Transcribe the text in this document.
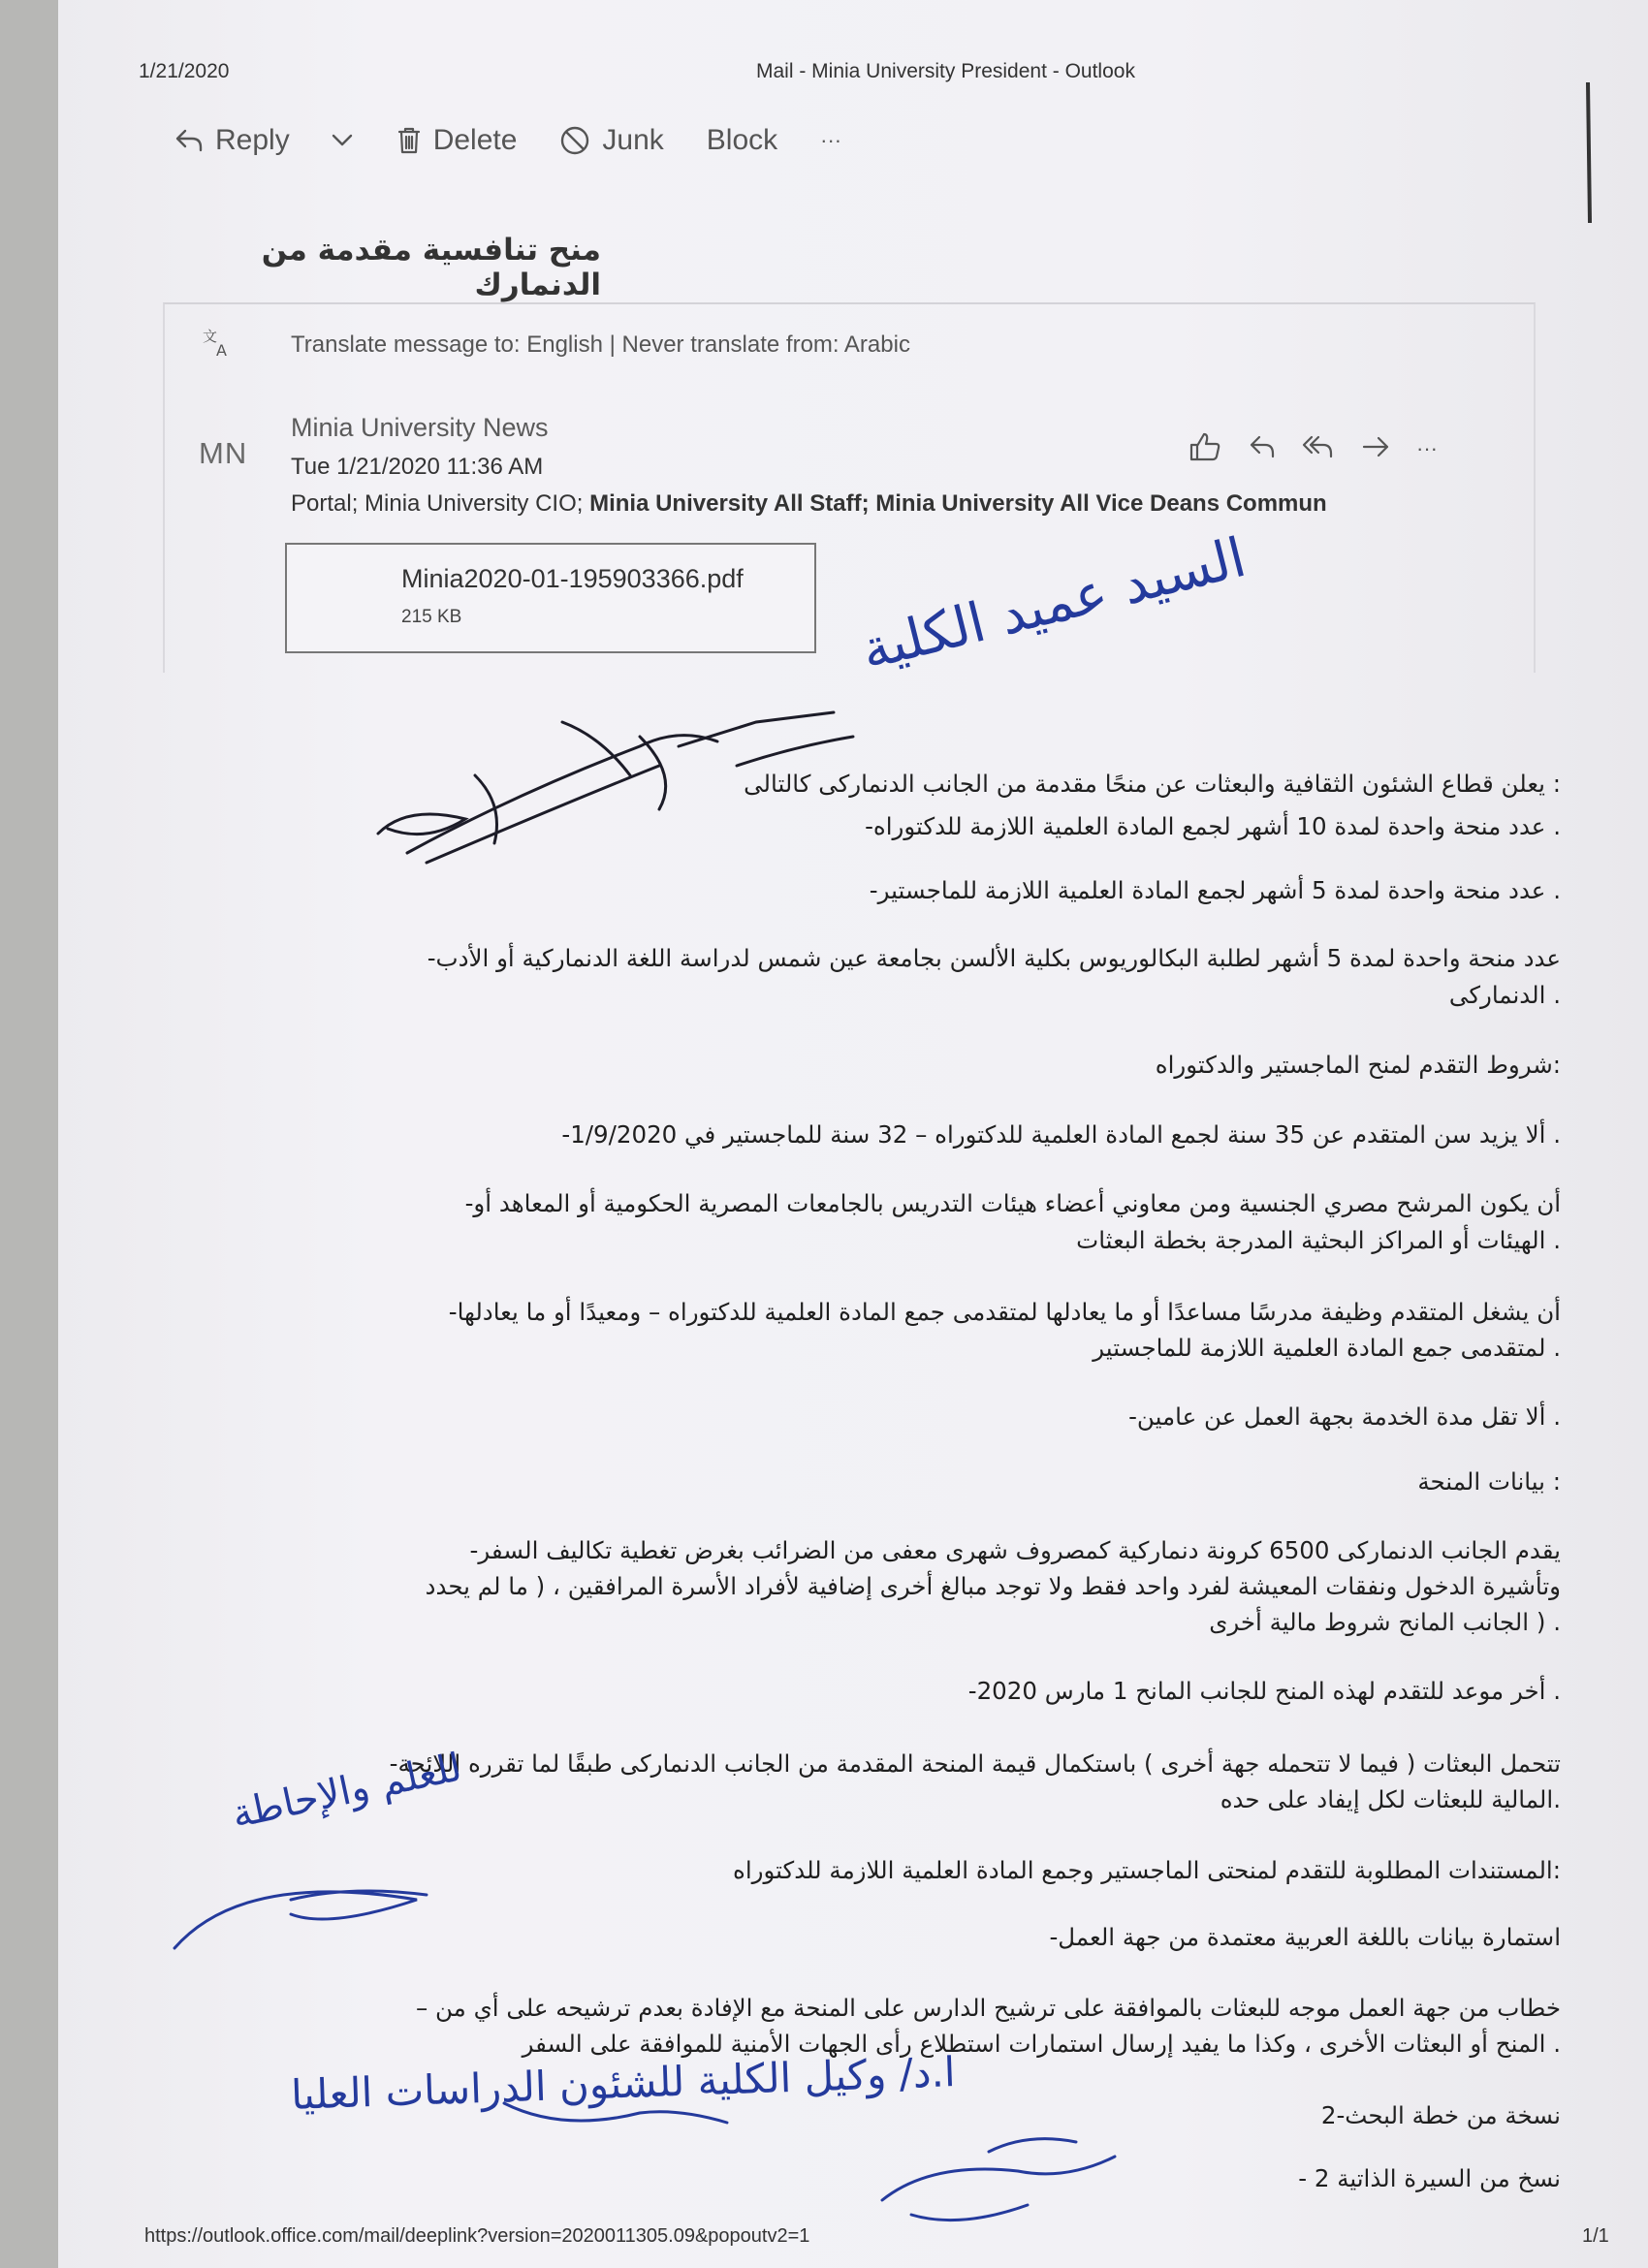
1/21/2020	Mail - Minia University President - Outlook
Reply	Delete	Junk Block ···
منح تنافسية مقدمة من الدنمارك
文
A	Translate message to: English | Never translate from: Arabic
MN
Minia University News
Tue 1/21/2020 11:36 AM
Portal; Minia University CIO; Minia University All Staff; Minia University All Vice Deans Commun
···
Minia2020-01-195903366.pdf
215 KB
: يعلن قطاع الشئون الثقافية والبعثات عن منحًا مقدمة من الجانب الدنماركى كالتالى
. عدد منحة واحدة لمدة 10 أشهر لجمع المادة العلمية اللازمة للدكتوراه-
. عدد منحة واحدة لمدة 5 أشهر لجمع المادة العلمية اللازمة للماجستير-
عدد منحة واحدة لمدة 5 أشهر لطلبة البكالوريوس بكلية الألسن بجامعة عين شمس لدراسة اللغة الدنماركية أو الأدب-
. الدنماركى
:شروط التقدم لمنح الماجستير والدكتوراه
. ألا يزيد سن المتقدم عن 35 سنة لجمع المادة العلمية للدكتوراه – 32 سنة للماجستير في 1/9/2020-
أن يكون المرشح مصري الجنسية ومن معاوني أعضاء هيئات التدريس بالجامعات المصرية الحكومية أو المعاهد أو-
. الهيئات أو المراكز البحثية المدرجة بخطة البعثات
أن يشغل المتقدم وظيفة مدرسًا مساعدًا أو ما يعادلها لمتقدمى جمع المادة العلمية للدكتوراه – ومعيدًا أو ما يعادلها-
. لمتقدمى جمع المادة العلمية اللازمة للماجستير
. ألا تقل مدة الخدمة بجهة العمل عن عامين-
: بيانات المنحة
يقدم الجانب الدنماركى 6500 كرونة دنماركية كمصروف شهرى معفى من الضرائب بغرض تغطية تكاليف السفر-
وتأشيرة الدخول ونفقات المعيشة لفرد واحد فقط ولا توجد مبالغ أخرى إضافية لأفراد الأسرة المرافقين ، ( ما لم يحدد
. ( الجانب المانح شروط مالية أخرى
. أخر موعد للتقدم لهذه المنح للجانب المانح 1 مارس 2020-
تتحمل البعثات ( فيما لا تتحمله جهة أخرى ) باستكمال قيمة المنحة المقدمة من الجانب الدنماركى طبقًا لما تقرره اللائحة-
.المالية للبعثات لكل إيفاد على حده
:المستندات المطلوبة للتقدم لمنحتى الماجستير وجمع المادة العلمية اللازمة للدكتوراه
استمارة بيانات باللغة العربية معتمدة من جهة العمل-
خطاب من جهة العمل موجه للبعثات بالموافقة على ترشيح الدارس على المنحة مع الإفادة بعدم ترشيحه على أي من –
. المنح أو البعثات الأخرى ، وكذا ما يفيد إرسال استمارات استطلاع رأى الجهات الأمنية للموافقة على السفر
نسخة من خطة البحث-2
نسخ من السيرة الذاتية 2 -
السيد عميد الكلية
للعلم والإحاطة
ا.د/ وكيل الكلية للشئون الدراسات العليا
https://outlook.office.com/mail/deeplink?version=2020011305.09&popoutv2=1	1/1
